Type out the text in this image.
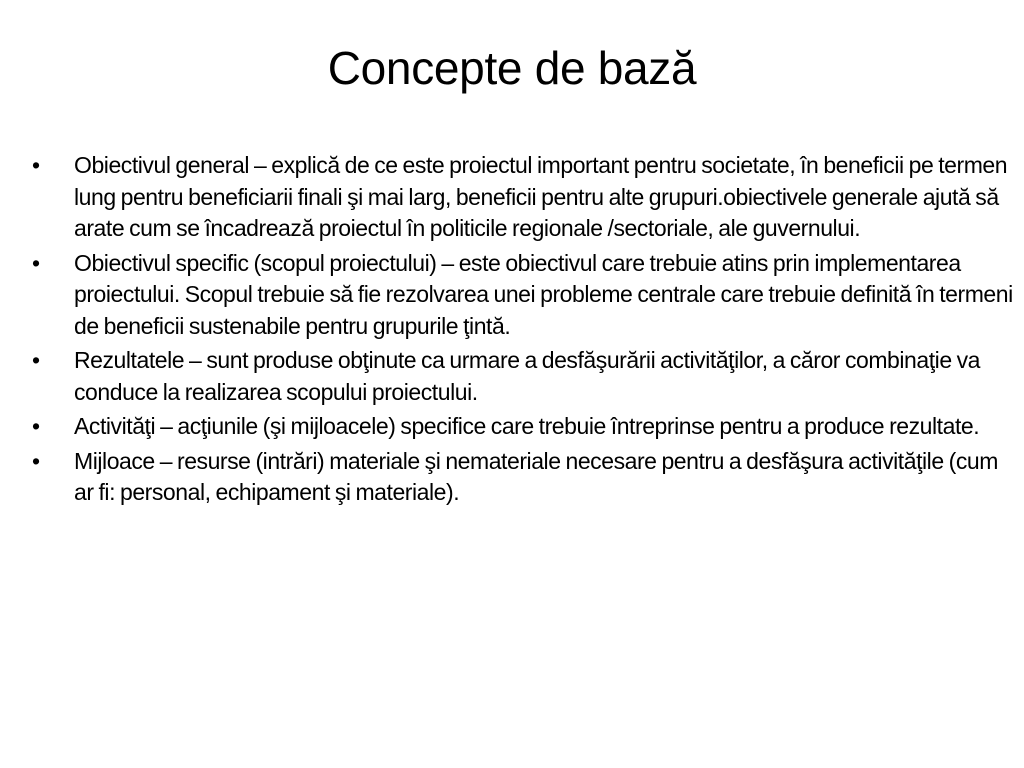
Concepte de bază
• Obiectivul general – explică de ce este proiectul important pentru societate, în beneficii pe termen lung pentru beneficiarii finali şi mai larg, beneficii pentru alte grupuri.obiectivele generale ajută să arate cum se încadrează proiectul în politicile regionale /sectoriale, ale guvernului.
• Obiectivul specific (scopul proiectului) – este obiectivul care trebuie atins prin implementarea proiectului. Scopul trebuie să fie rezolvarea unei probleme centrale care trebuie definită în termeni de beneficii sustenabile pentru grupurile ţintă.
• Rezultatele – sunt produse obţinute ca urmare a desfăşurării activităţilor, a căror combinaţie va conduce la realizarea scopului proiectului.
• Activităţi – acţiunile (şi mijloacele) specifice care trebuie întreprinse pentru a produce rezultate.
• Mijloace – resurse (intrări) materiale şi nemateriale necesare pentru a desfăşura activităţile (cum ar fi: personal, echipament şi materiale).
